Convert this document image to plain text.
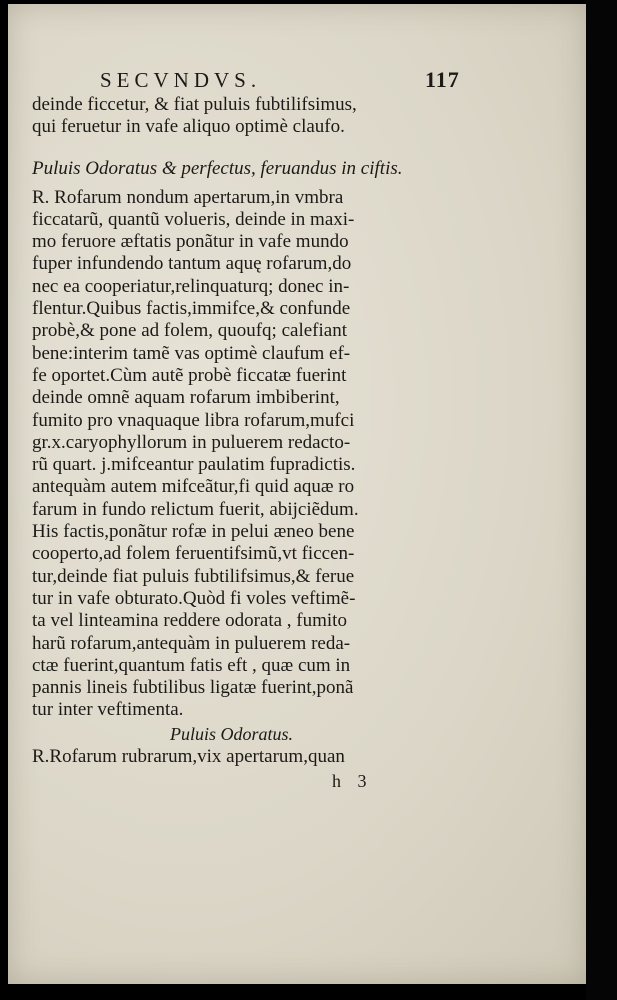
SECVNDVS.	117
deinde ficcetur, & fiat puluis fubtilifsimus,
qui feruetur in vafe aliquo optimè claufo.
Puluis Odoratus & perfectus, feruandus in ciftis.
R. Rofarum nondum apertarum,in vmbra
ficcatarũ, quantũ volueris, deinde in maxi-
mo feruore æftatis ponãtur in vafe mundo
fuper infundendo tantum aquę rofarum,do
nec ea cooperiatur,relinquaturq; donec in-
flentur.Quibus factis,immifce,& confunde
probè,& pone ad folem, quoufq; calefiant
bene:interim tamẽ vas optimè claufum ef-
fe oportet.Cùm autẽ probè ficcatæ fuerint
deinde omnẽ aquam rofarum imbiberint,
fumito pro vnaquaque libra rofarum,mufci
gr.x.caryophyllorum in puluerem redacto-
rũ quart. j.mifceantur paulatim fupradictis.
antequàm autem mifceãtur,fi quid aquæ ro
farum in fundo relictum fuerit, abijciẽdum.
His factis,ponãtur rofæ in pelui æneo bene
cooperto,ad folem feruentifsimũ,vt ficcen-
tur,deinde fiat puluis fubtilifsimus,& ferue
tur in vafe obturato.Quòd fi voles veftimẽ-
ta vel linteamina reddere odorata , fumito
harũ rofarum,antequàm in puluerem reda-
ctæ fuerint,quantum fatis eft , quæ cum in
pannis lineis fubtilibus ligatæ fuerint,ponã
tur inter veftimenta.
Puluis Odoratus.
R.Rofarum rubrarum,vix apertarum,quan
h 3
